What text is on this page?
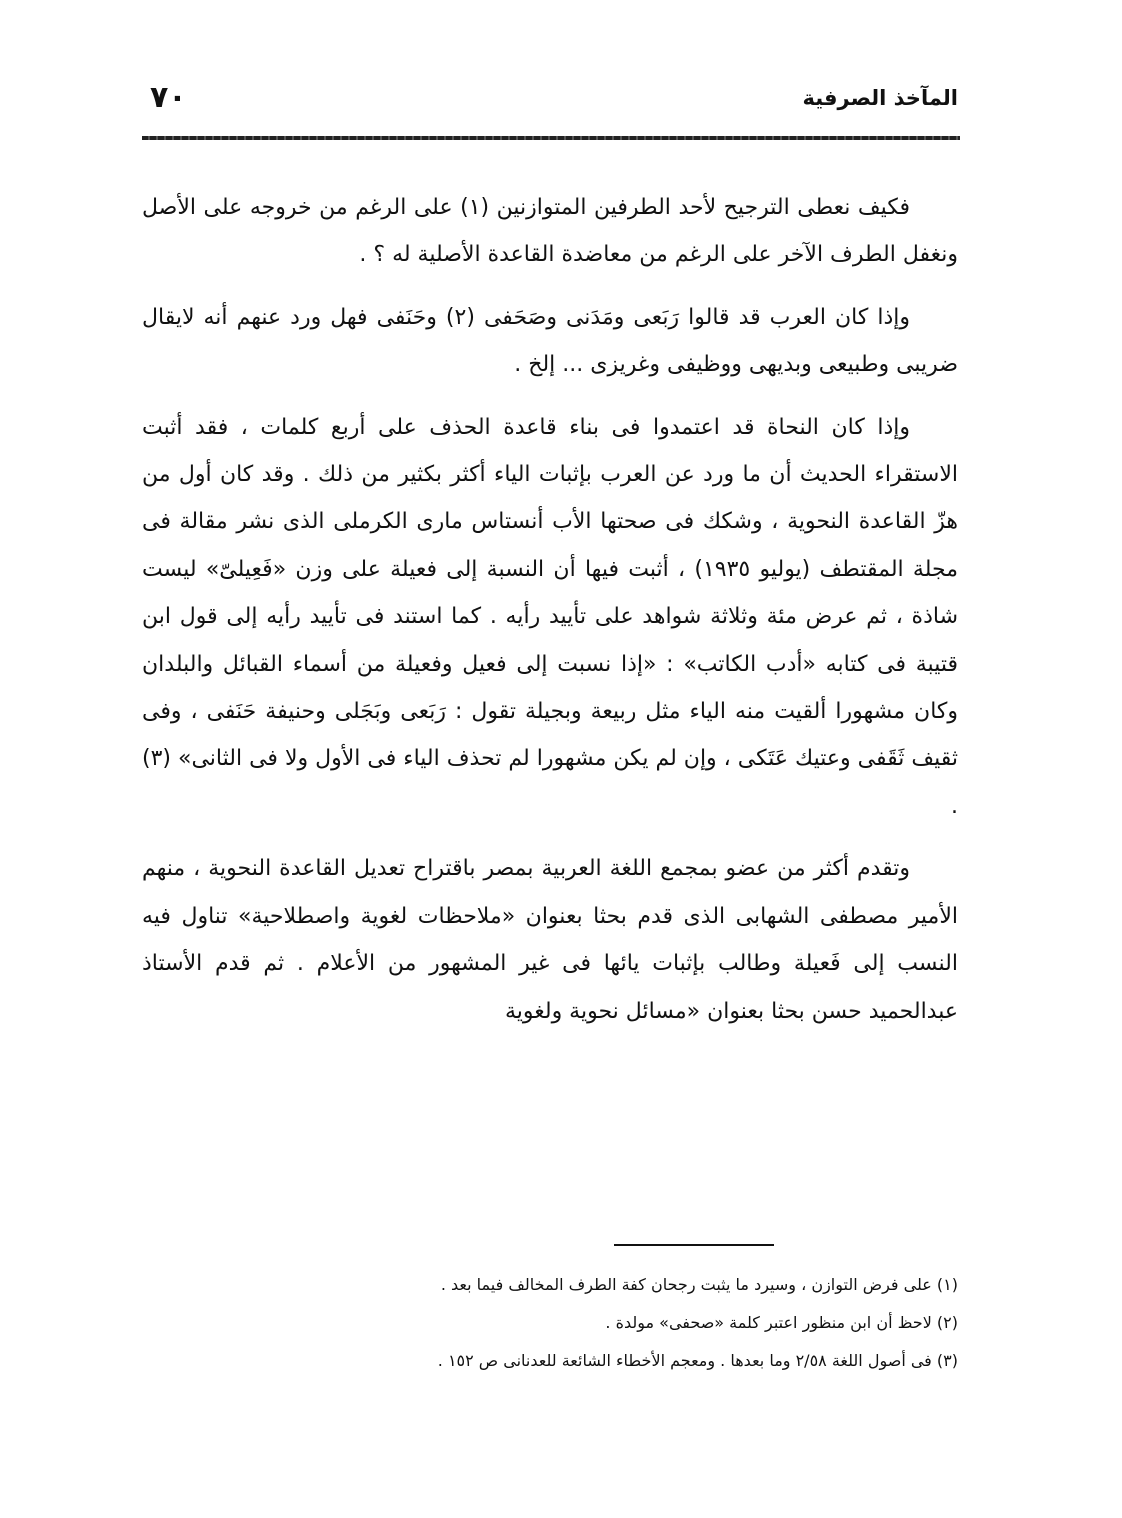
المآخذ الصرفية
٧٠

فكيف نعطى الترجيح لأحد الطرفين المتوازنين (١) على الرغم من خروجه على الأصل ونغفل الطرف الآخر على الرغم من معاضدة القاعدة الأصلية له ؟ .

وإذا كان العرب قد قالوا رَبَعى ومَدَنى وصَحَفى (٢) وحَنَفى فهل ورد عنهم أنه لايقال ضريبى وطبيعى وبديهى ووظيفى وغريزى ... إلخ .

وإذا كان النحاة قد اعتمدوا فى بناء قاعدة الحذف على أربع كلمات ، فقد أثبت الاستقراء الحديث أن ما ورد عن العرب بإثبات الياء أكثر بكثير من ذلك . وقد كان أول من هزّ القاعدة النحوية ، وشكك فى صحتها الأب أنستاس مارى الكرملى الذى نشر مقالة فى مجلة المقتطف (يوليو ١٩٣٥) ، أثبت فيها أن النسبة إلى فعيلة على وزن «فَعِيلىّ» ليست شاذة ، ثم عرض مئة وثلاثة شواهد على تأييد رأيه . كما استند فى تأييد رأيه إلى قول ابن قتيبة فى كتابه «أدب الكاتب» : «إذا نسبت إلى فعيل وفعيلة من أسماء القبائل والبلدان وكان مشهورا ألقيت منه الياء مثل ربيعة وبجيلة تقول : رَبَعى وبَجَلى وحنيفة حَنَفى ، وفى ثقيف ثَقَفى وعتيك عَتَكى ، وإن لم يكن مشهورا لم تحذف الياء فى الأول ولا فى الثانى» (٣) .

وتقدم أكثر من عضو بمجمع اللغة العربية بمصر باقتراح تعديل القاعدة النحوية ، منهم الأمير مصطفى الشهابى الذى قدم بحثا بعنوان «ملاحظات لغوية واصطلاحية» تناول فيه النسب إلى فَعيلة وطالب بإثبات يائها فى غير المشهور من الأعلام . ثم قدم الأستاذ عبدالحميد حسن بحثا بعنوان «مسائل نحوية ولغوية

(١) على فرض التوازن ، وسيرد ما يثبت رجحان كفة الطرف المخالف فيما بعد .

(٢) لاحظ أن ابن منظور اعتبر كلمة «صحفى» مولدة .

(٣) فى أصول اللغة ٢/٥٨ وما بعدها . ومعجم الأخطاء الشائعة للعدنانى ص ١٥٢ .
